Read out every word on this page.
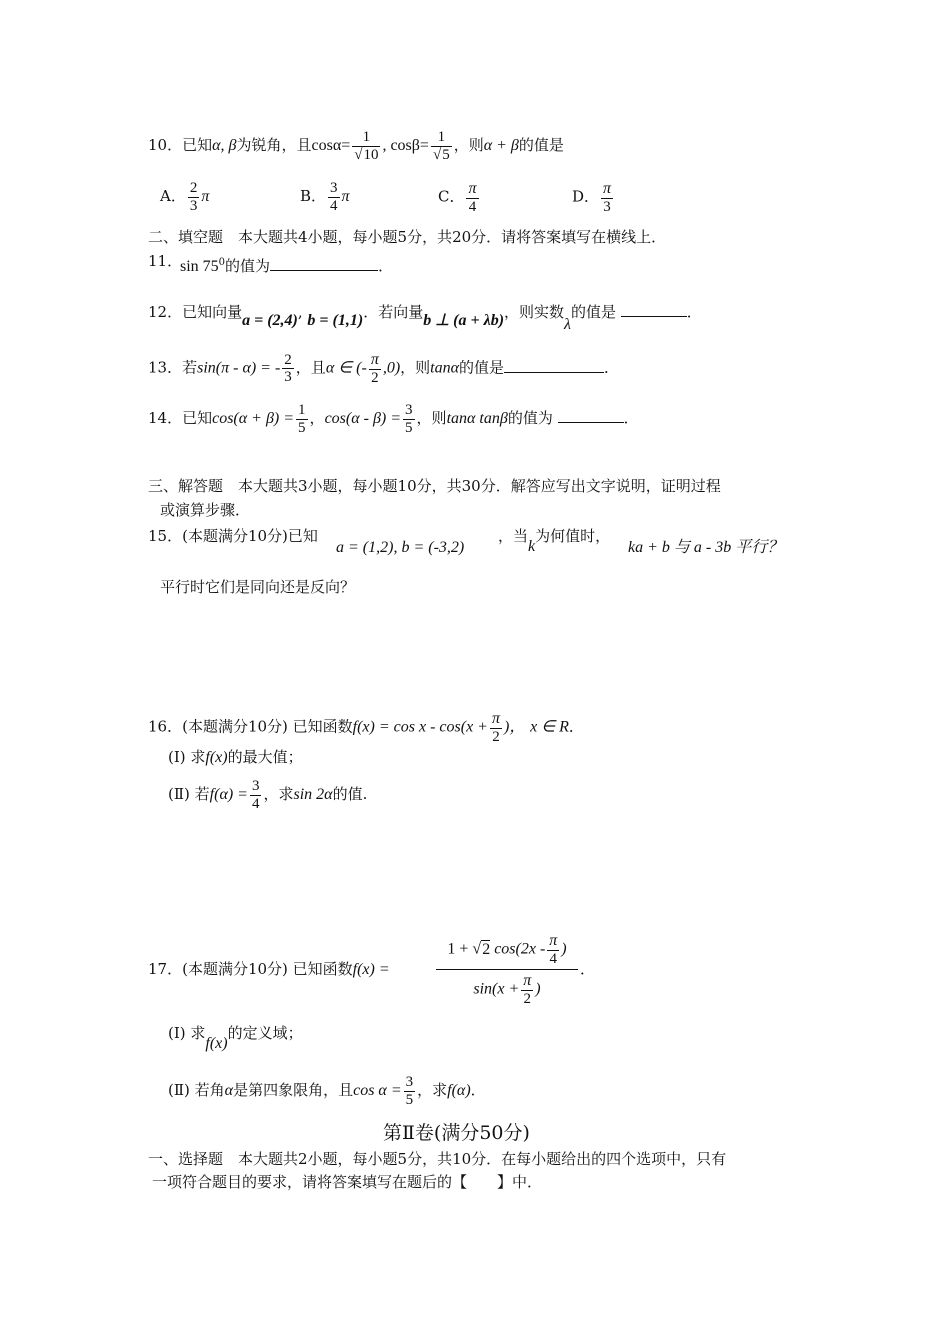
10．已知α, β为锐角，且$\cos\alpha= \frac{1}{√10}$ , $\cos\beta= \frac{1}{√5}$ ，则α + β的值是
A． $\frac{2}{3}$ π	B． $\frac{3}{4}$ π	C． $\frac{\pi}{4}$	D． $\frac{\pi}{3}$
二、填空题　本大题共4小题，每小题5分，共20分．请将答案填写在横线上．
11．
$\sin 75^0$的值为	．
12．已知向量a = (2,4), b = (1,1)．若向量b ⊥ (a + λb)，则实数λ的值是	．
13．若sin(π - α) = - $\frac{2}{3}$ ，且α ∈ (- $\frac{\pi}{2} ,0$)，则tanα的值是	．
14．已知$\cos(\alpha + \beta) = \frac{1}{5}$ ，$\cos(\alpha - \beta) = \frac{3}{5}$ ，则tanα tanβ的值为	．
三、解答题　本大题共3小题，每小题10分，共30分．解答应写出文字说明，证明过程
或演算步骤．
15．(本题满分10分)已知
a = (1,2), b = (-3,2)
，当k为何值时，
ka + b 与 a - 3b 平行？
平行时它们是同向还是反向？
16．(本题满分10分) 已知函数$f(x) = \cos x - \cos(x + \frac{\pi}{2}$ )， x ∈ R．
(Ⅰ) 求f(x)的最大值；
(Ⅱ) 若$f(\alpha) = \frac{3}{4}$ ，求sin 2α的值.
17．(本题满分10分) 已知函数f(x) =
1 + √2 $\cos(2x - \frac{\pi}{4}$ )
$\sin(x + \frac{\pi}{2}$ )
．
(Ⅰ) 求f(x)的定义域；
(Ⅱ) 若角α是第四象限角，且$\cos \alpha = \frac{3}{5}$ ，求f(α)．
第Ⅱ卷(满分50分)
一、选择题　本大题共2小题，每小题5分，共10分．在每小题给出的四个选项中，只有
一项符合题目的要求，请将答案填写在题后的【　　】中．
